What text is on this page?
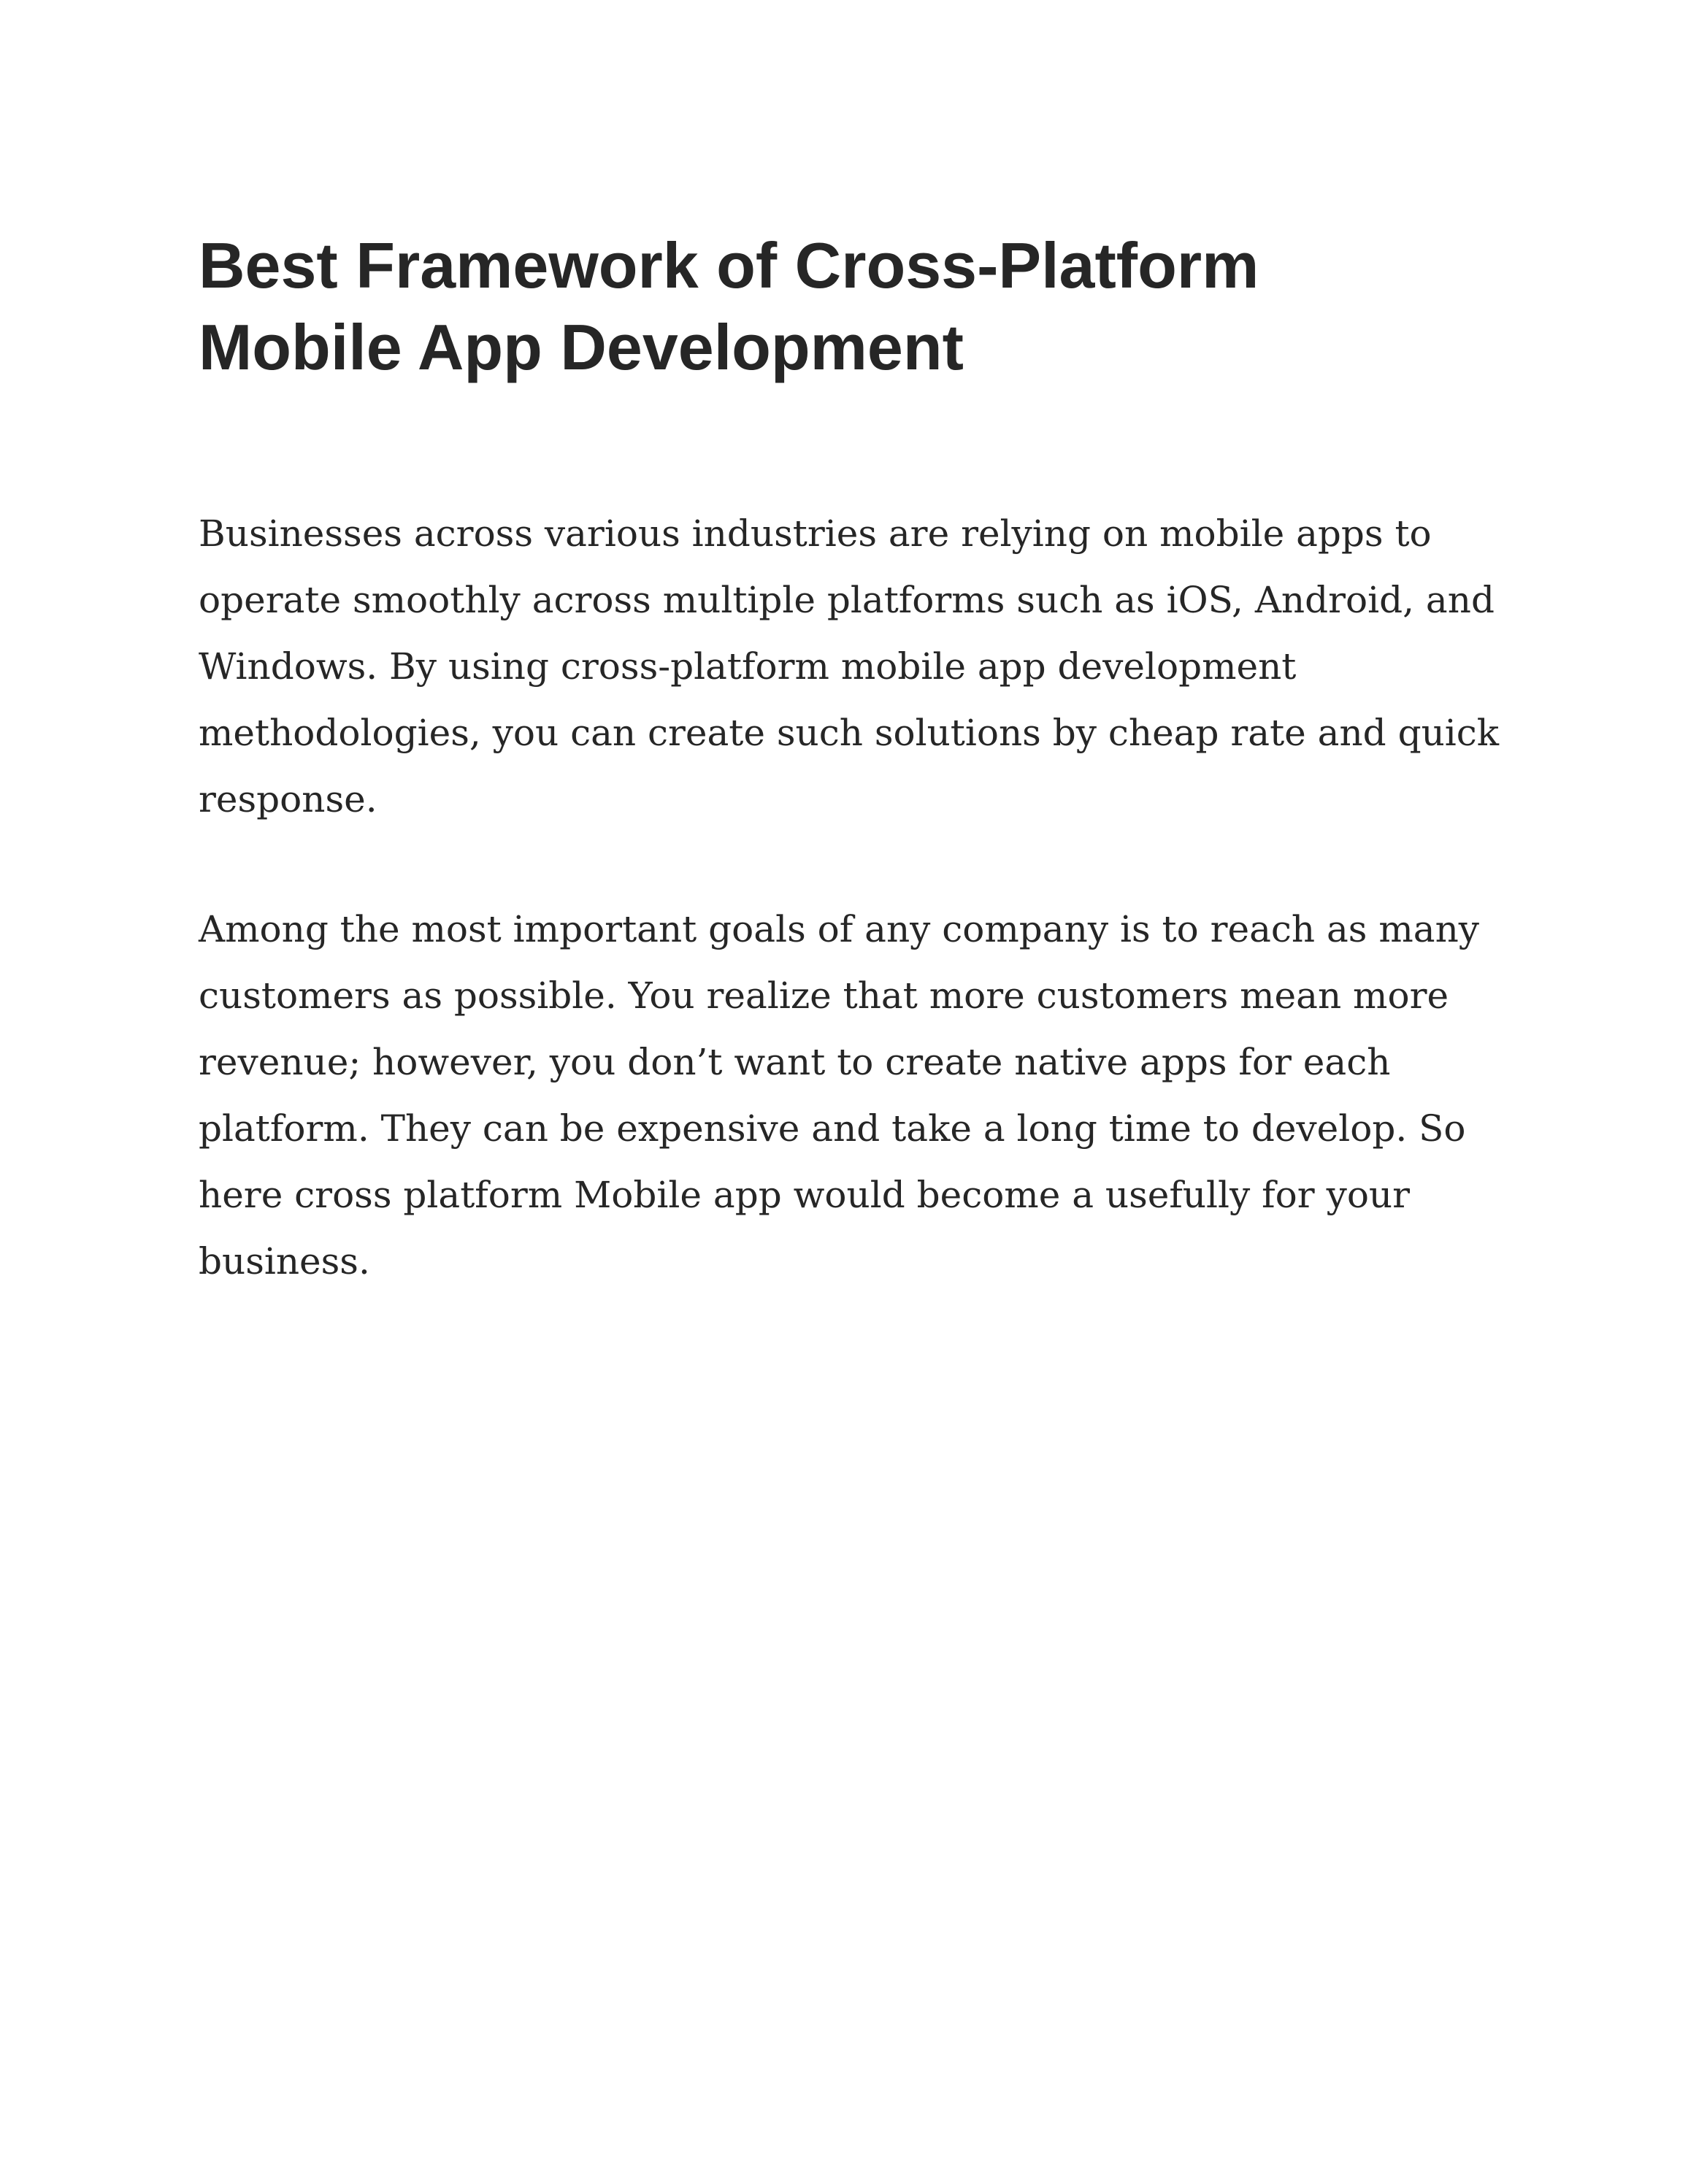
Best Framework of Cross-Platform
Mobile App Development

Businesses across various industries are relying on mobile apps to
operate smoothly across multiple platforms such as iOS, Android, and
Windows. By using cross-platform mobile app development
methodologies, you can create such solutions by cheap rate and quick
response.

Among the most important goals of any company is to reach as many
customers as possible. You realize that more customers mean more
revenue; however, you don’t want to create native apps for each
platform. They can be expensive and take a long time to develop. So
here cross platform Mobile app would become a usefully for your
business.
